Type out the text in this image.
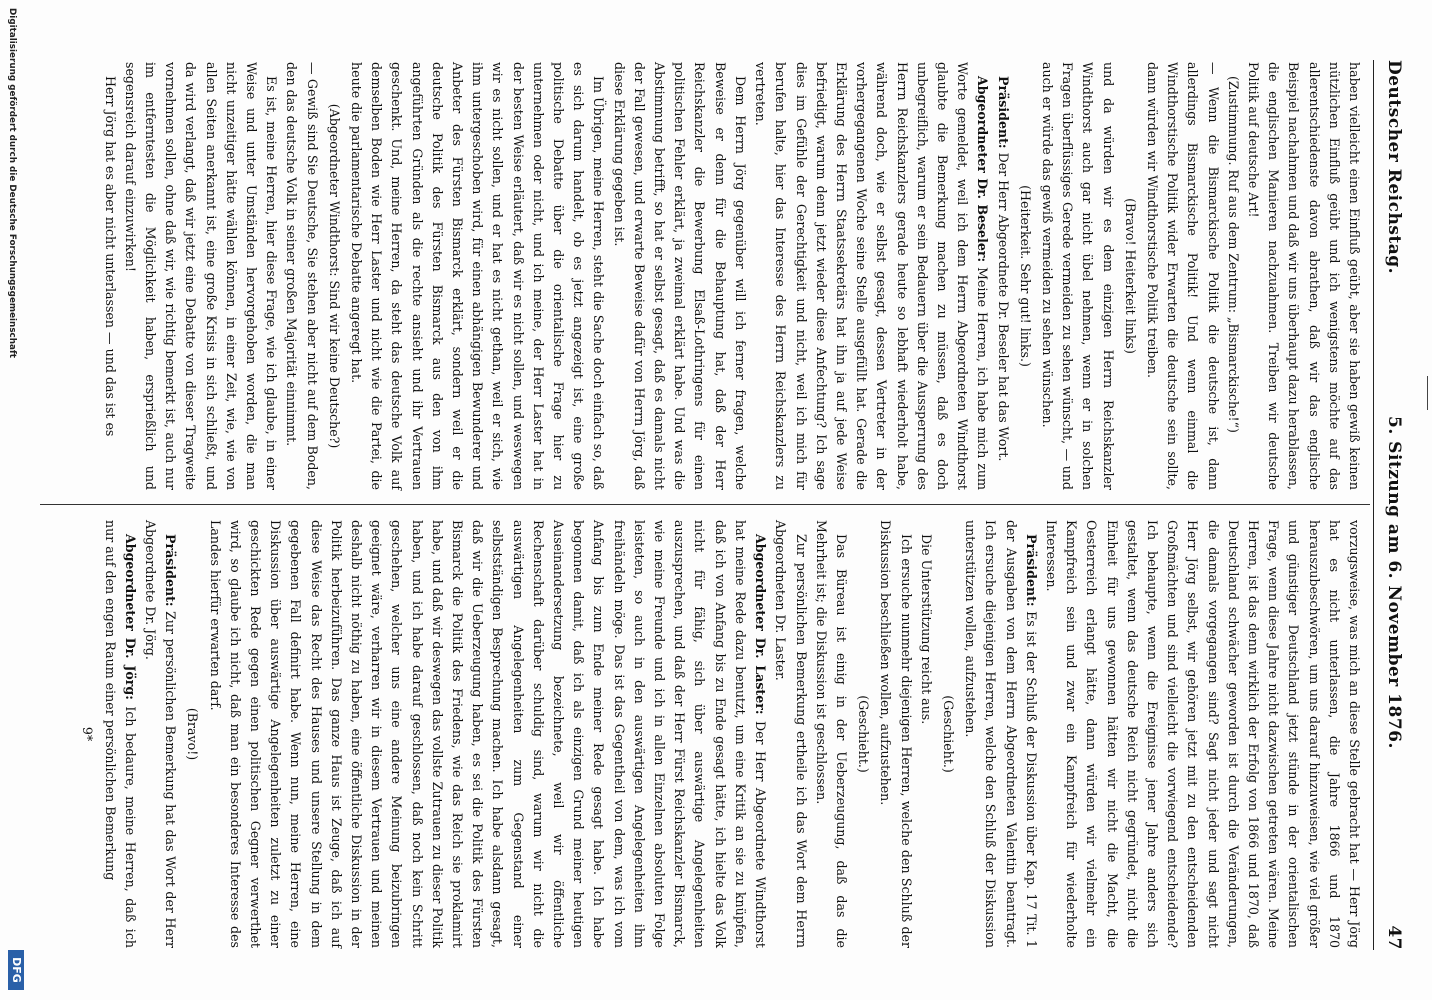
Deutscher Reichstag.
5. Sitzung am 6. November 1876.
47

haben vielleicht einen Einfluß geübt, aber sie haben gewiß keinen nützlichen Einfluß geübt und ich wenigstens möchte auf das allerentschiedenste davon abrathen, daß wir das englische Beispiel nachahmen und daß wir uns überhaupt dazu herablassen, die englischen Manieren nachzuahmen. Treiben wir deutsche Politik auf deutsche Art!

(Zustimmung. Ruf aus dem Zentrum: „Bismarckische!“)

— Wenn die Bismarckische Politik die deutsche ist, dann allerdings Bismarckische Politik! Und wenn einmal die Windthorstische Politik wider Erwarten die deutsche sein sollte, dann würden wir Windthorstische Politik treiben.

(Bravo! Heiterkeit links)

und da würden wir es dem einzigen Herrn Reichskanzler Windthorst auch gar nicht übel nehmen, wenn er in solchen Fragen überflüssiges Gerede vermeiden zu sehen wünscht, — und auch er würde das gewiß vermeiden zu sehen wünschen.

(Heiterkeit. Sehr gut! links.)

Präsident: Der Herr Abgeordnete Dr. Beseler hat das Wort.

Abgeordneter Dr. Beseler: Meine Herren, ich habe mich zum Worte gemeldet, weil ich dem Herrn Abgeordneten Windthorst glaubte die Bemerkung machen zu müssen, daß es doch unbegreiflich, warum er sein Bedauern über die Aussperrung des Herrn Reichskanzlers gerade heute so lebhaft wiederholt habe, während doch, wie er selbst gesagt, dessen Vertreter in der vorhergegangenen Woche seine Stelle ausgefüllt hat. Gerade die Erklärung des Herrn Staatssekretärs hat ihn ja auf jede Weise befriedigt, warum denn jetzt wieder diese Anfechtung? Ich sage dies im Gefühle der Gerechtigkeit und nicht, weil ich mich für berufen halte, hier das Interesse des Herrn Reichskanzlers zu vertreten.

Dem Herrn Jörg gegenüber will ich ferner fragen, welche Beweise er denn für die Behauptung hat, daß der Herr Reichskanzler die Bewerbung Elsaß-Lothringens für einen politischen Fehler erklärt, ja zweimal erklärt habe. Und was die Abstimmung betrifft, so hat er selbst gesagt, daß es damals nicht der Fall gewesen, und erwarte Beweise dafür von Herrn Jörg, daß diese Erklärung gegeben ist.

Im Übrigen, meine Herren, steht die Sache doch einfach so, daß es sich darum handelt, ob es jetzt angezeigt ist, eine große politische Debatte über die orientalische Frage hier zu unternehmen oder nicht, und ich meine, der Herr Laster hat in der besten Weise erläutert, daß wir es nicht sollen, und weswegen wir es nicht sollen, und er hat es nicht gethan, weil er sich, wie ihm untergeschoben wird, für einen abhängigen Bewunderer und Anbeter des Fürsten Bismarck erklärt, sondern weil er die deutsche Politik des Fürsten Bismarck aus den von ihm angeführten Gründen als die rechte ansieht und ihr Vertrauen geschenkt. Und, meine Herren, da steht das deutsche Volk auf demselben Boden wie Herr Laster und nicht wie die Partei, die heute die parlamentarische Debatte angeregt hat.

(Abgeordneter Windthorst: Sind wir keine Deutsche?)

— Gewiß sind Sie Deutsche, Sie stehen aber nicht auf dem Boden, den das deutsche Volk in seiner großen Majorität einnimmt.

Es ist, meine Herren, hier diese Frage, wie ich glaube, in einer Weise und unter Umständen hervorgehoben worden, die man nicht unzeitiger hätte wählen können, in einer Zeit, wie, wie von allen Seiten anerkannt ist, eine große Krisis in sich schließt, und da wird verlangt, daß wir jetzt eine Debatte von dieser Tragweite vornehmen sollen, ohne daß wir, wie richtig bemerkt ist, auch nur im entferntesten die Möglichkeit haben, ersprießlich und segensreich darauf einzuwirken!

Herr Jörg hat es aber nicht unterlassen — und das ist es

vorzugsweise, was mich an diese Stelle gebracht hat — Herr Jörg hat es nicht unterlassen, die Jahre 1866 und 1870 herauszubeschwören, um uns darauf hinzuweisen, wie viel größer und günstiger Deutschland jetzt stünde in der orientalischen Frage, wenn diese Jahre nicht dazwischen getreten wären. Meine Herren, ist das denn wirklich der Erfolg von 1866 und 1870, daß Deutschland schwächer geworden ist durch die Veränderungen, die damals vorgegangen sind? Sagt nicht jeder und sagt nicht Herr Jörg selbst, wir gehören jetzt mit zu den entscheidenden Großmächten und sind vielleicht die vorwiegend entscheidende? Ich behaupte, wenn die Ereignisse jener Jahre anders sich gestaltet, wenn das deutsche Reich nicht gegründet, nicht die Einheit für uns gewonnen hätten wir nicht die Macht, die Oesterreich erlangt hätte, dann würden wir vielmehr ein Kampfreich sein und zwar ein Kampfreich für wiederholte Interessen.

Präsident: Es ist der Schluß der Diskussion über Kap. 17 Tit. 1 der Ausgaben von dem Herrn Abgeordneten Valentin beantragt. Ich ersuche diejenigen Herren, welche den Schluß der Diskussion unterstützen wollen, aufzustehen.

(Geschieht.)

Die Unterstützung reicht aus.

Ich ersuche nunmehr diejenigen Herren, welche den Schluß der Diskussion beschließen wollen, aufzustehen.

(Geschieht.)

Das Büreau ist einig in der Ueberzeugung, daß das die Mehrheit ist; die Diskussion ist geschlossen.

Zur persönlichen Bemerkung ertheile ich das Wort dem Herrn Abgeordneten Dr. Laster.

Abgeordneter Dr. Laster: Der Herr Abgeordnete Windthorst hat meine Rede dazu benutzt, um eine Kritik an sie zu knüpfen, daß ich von Anfang bis zu Ende gesagt hätte, ich hielte das Volk nicht für fähig, sich über auswärtige Angelegenheiten auszusprechen, und daß der Herr Fürst Reichskanzler Bismarck, wie meine Freunde und ich in allen Einzelnen absoluten Folge leisteten, so auch in den auswärtigen Angelegenheiten ihm freihändeln möge. Das ist das Gegentheil von dem, was ich vom Anfang bis zum Ende meiner Rede gesagt habe. Ich habe begonnen damit, daß ich als einzigen Grund meiner heutigen Auseinandersetzung bezeichnete, weil wir öffentliche Rechenschaft darüber schuldig sind, warum wir nicht die auswärtigen Angelegenheiten zum Gegenstand einer selbstständigen Besprechung machen. Ich habe alsdann gesagt, daß wir die Ueberzeugung haben, es sei die Politik des Fürsten Bismarck die Politik des Friedens, wie das Reich sie proklamirt habe, und daß wir deswegen das vollste Zutrauen zu dieser Politik haben, und ich habe darauf geschlossen, daß noch kein Schritt geschehen, welcher uns eine andere Meinung beizubringen geeignet wäre, verharren wir in diesem Vertrauen und meinen deshalb nicht nöthig zu haben, eine öffentliche Diskussion in der Politik herbeizuführen. Das ganze Haus ist Zeuge, daß ich auf diese Weise das Recht des Hauses und unsere Stellung in dem gegebenen Fall definirt habe. Wenn nun, meine Herren, eine Diskussion über auswärtige Angelegenheiten zuletzt zu einer geschickten Rede gegen einen politischen Gegner verwerthet wird, so glaube ich nicht, daß man ein besonderes Interesse des Landes hierfür erwarten darf.

(Bravo!)

Präsident: Zur persönlichen Bemerkung hat das Wort der Herr Abgeordnete Dr. Jörg.

Abgeordneter Dr. Jörg: Ich bedaure, meine Herren, daß ich nur auf den engen Raum einer persönlichen Bemerkung

9*

Digitalisierung gefördert durch die Deutsche Forschungsgemeinschaft
DFG
